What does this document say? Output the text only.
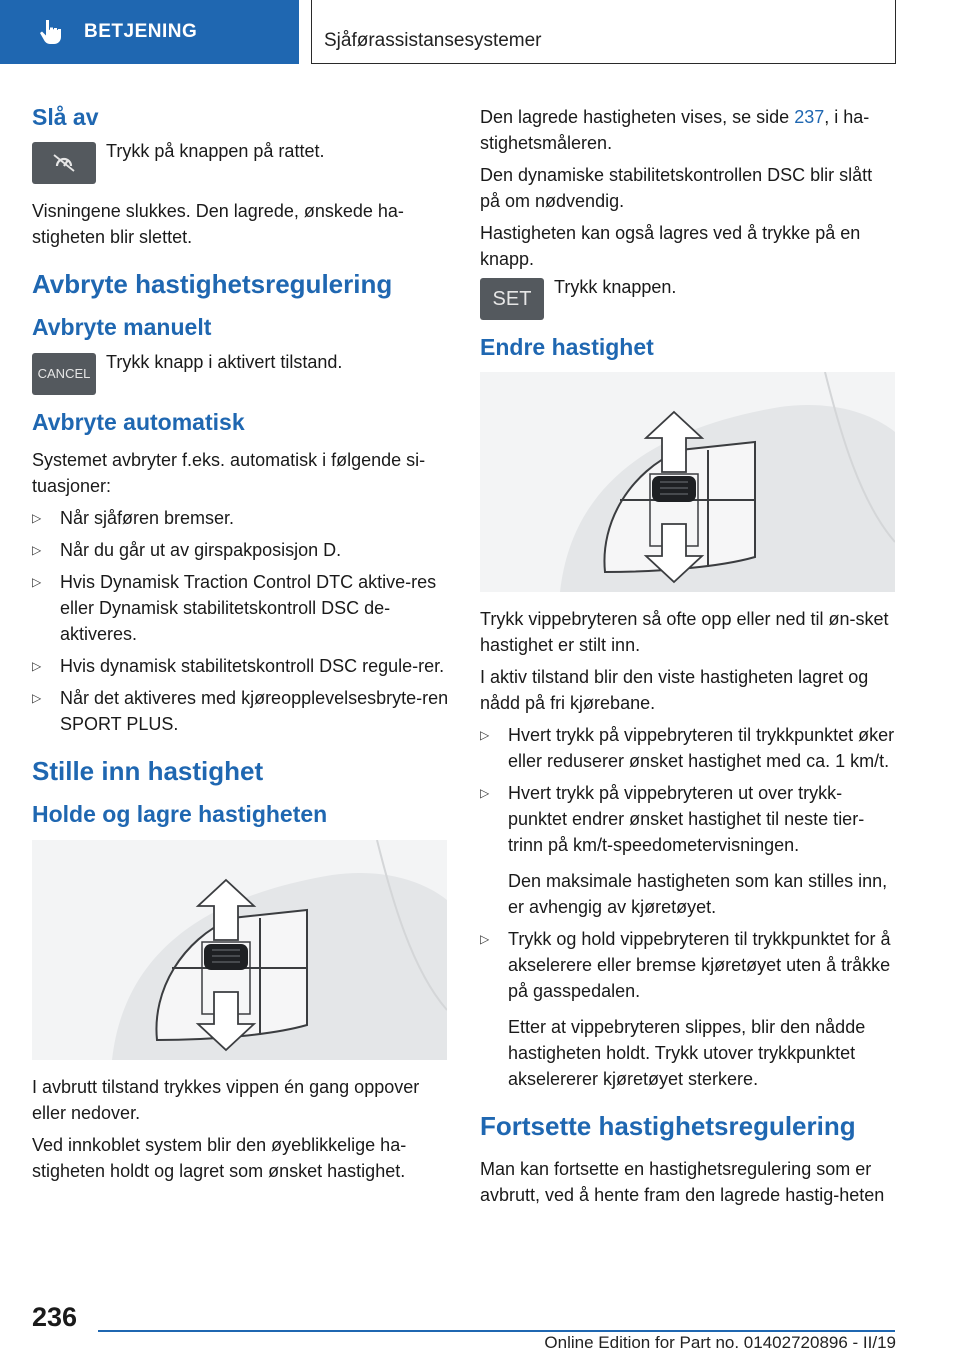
BETJENING	Sjåførassistansesystemer
Slå av
Trykk på knappen på rattet.

Visningene slukkes. Den lagrede, ønskede ha-stigheten blir slettet.

Avbryte hastighetsregulering
Avbryte manuelt
CANCEL
Trykk knapp i aktivert tilstand.
Avbryte automatisk

Systemet avbryter f.eks. automatisk i følgende si-tuasjoner:

▷ Når sjåføren bremser.
▷ Når du går ut av girspakposisjon D.
▷ Hvis Dynamisk Traction Control DTC aktive-res eller Dynamisk stabilitetskontroll DSC de-aktiveres.
▷ Hvis dynamisk stabilitetskontroll DSC regule-rer.
▷ Når det aktiveres med kjøreopplevelsesbryte-ren SPORT PLUS.
Stille inn hastighet
Holde og lagre hastigheten

I avbrutt tilstand trykkes vippen én gang oppover eller nedover.

Ved innkoblet system blir den øyeblikkelige ha-stigheten holdt og lagret som ønsket hastighet.

Den lagrede hastigheten vises, se side 237, i ha-stighetsmåleren.

Den dynamiske stabilitetskontrollen DSC blir slått på om nødvendig.

Hastigheten kan også lagres ved å trykke på en knapp.

SET
Trykk knappen.
Endre hastighet

Trykk vippebryteren så ofte opp eller ned til øn-sket hastighet er stilt inn.

I aktiv tilstand blir den viste hastigheten lagret og nådd på fri kjørebane.

▷ Hvert trykk på vippebryteren til trykkpunktet øker eller reduserer ønsket hastighet med ca. 1 km/t.
▷ Hvert trykk på vippebryteren ut over trykk-punktet endrer ønsket hastighet til neste tier-trinn på km/t-speedometervisningen.

Den maksimale hastigheten som kan stilles inn, er avhengig av kjøretøyet.

▷ Trykk og hold vippebryteren til trykkpunktet for å akselerere eller bremse kjøretøyet uten å tråkke på gasspedalen.

Etter at vippebryteren slippes, blir den nådde hastigheten holdt. Trykk utover trykkpunktet akselererer kjøretøyet sterkere.

Fortsette hastighetsregulering

Man kan fortsette en hastighetsregulering som er avbrutt, ved å hente fram den lagrede hastig-heten

236
Online Edition for Part no. 01402720896 - II/19
